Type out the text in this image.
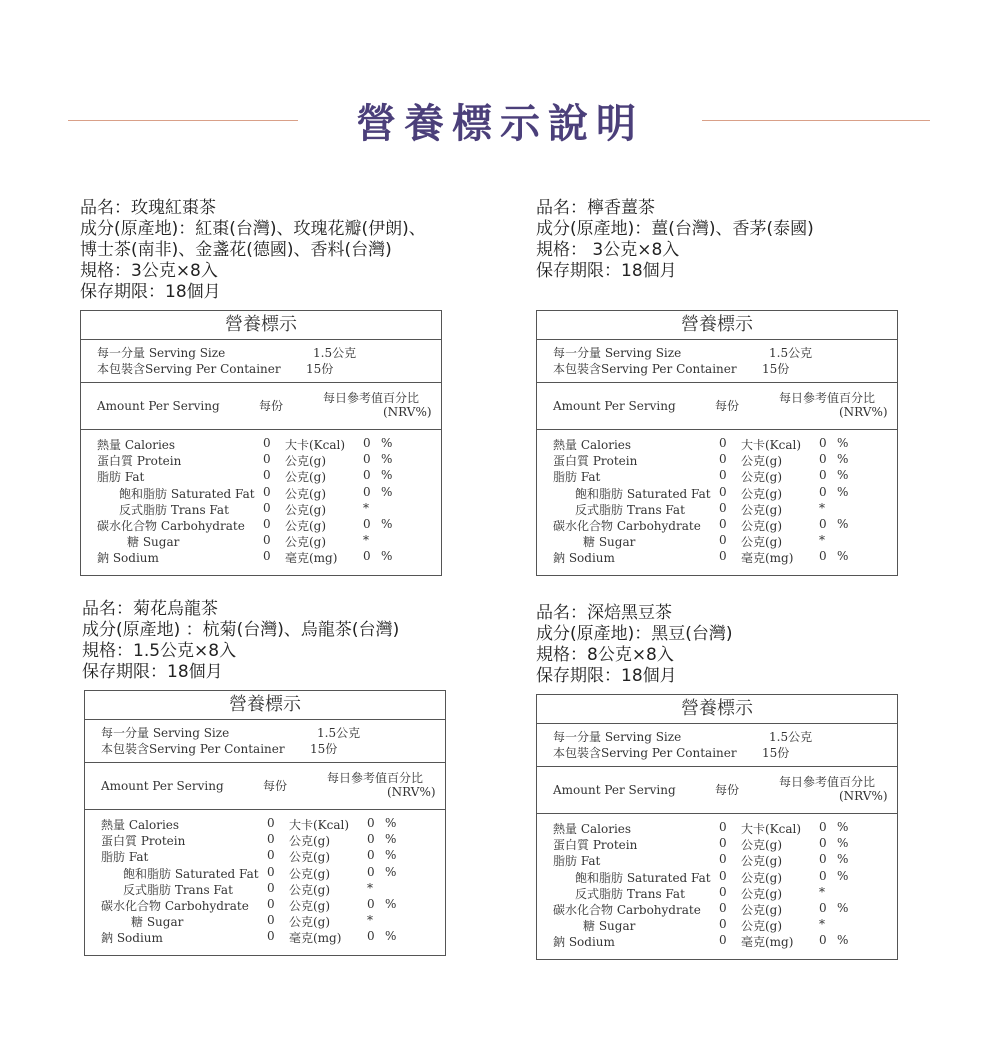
營養標示說明
品名：玫瑰紅棗茶
成分(原產地)：紅棗(台灣)、玫瑰花瓣(伊朗)、
博士茶(南非)、金盞花(德國)、香料(台灣)
規格：3公克×8入
保存期限：18個月
品名：檸香薑茶
成分(原產地)：薑(台灣)、香茅(泰國)
規格： 3公克×8入
保存期限：18個月
品名：菊花烏龍茶
成分(原產地) ：杭菊(台灣)、烏龍茶(台灣)
規格：1.5公克×8入
保存期限：18個月
品名：深焙黑豆茶
成分(原產地)：黑豆(台灣)
規格：8公克×8入
保存期限：18個月
營養標示
每一分量 Serving Size	1.5公克
本包裝含Serving Per Container 15份
Amount Per Serving	每份
每日參考值百分比
(NRV%)
熱量 Calories	0 大卡(Kcal) 0 %
蛋白質 Protein	0 公克(g)	0 %
脂肪 Fat	0 公克(g)	0 %
飽和脂肪 Saturated Fat 0 公克(g)	0 %
反式脂肪 Trans Fat	0 公克(g)	*
碳水化合物 Carbohydrate 0 公克(g)	0 %
糖 Sugar	0 公克(g)	*
鈉 Sodium	0 毫克(mg) 0 %
營養標示
每一分量 Serving Size	1.5公克
本包裝含Serving Per Container 15份
Amount Per Serving	每份
每日參考值百分比
(NRV%)
熱量 Calories	0 大卡(Kcal) 0 %
蛋白質 Protein	0 公克(g)	0 %
脂肪 Fat	0 公克(g)	0 %
飽和脂肪 Saturated Fat 0 公克(g)	0 %
反式脂肪 Trans Fat	0 公克(g)	*
碳水化合物 Carbohydrate 0 公克(g)	0 %
糖 Sugar	0 公克(g)	*
鈉 Sodium	0 毫克(mg) 0 %
營養標示
每一分量 Serving Size	1.5公克
本包裝含Serving Per Container 15份
Amount Per Serving	每份
每日參考值百分比
(NRV%)
熱量 Calories	0 大卡(Kcal) 0 %
蛋白質 Protein	0 公克(g)	0 %
脂肪 Fat	0 公克(g)	0 %
飽和脂肪 Saturated Fat 0 公克(g)	0 %
反式脂肪 Trans Fat	0 公克(g)	*
碳水化合物 Carbohydrate 0 公克(g)	0 %
糖 Sugar	0 公克(g)	*
鈉 Sodium	0 毫克(mg) 0 %
營養標示
每一分量 Serving Size	1.5公克
本包裝含Serving Per Container 15份
Amount Per Serving	每份
每日參考值百分比
(NRV%)
熱量 Calories	0 大卡(Kcal) 0 %
蛋白質 Protein	0 公克(g)	0 %
脂肪 Fat	0 公克(g)	0 %
飽和脂肪 Saturated Fat 0 公克(g)	0 %
反式脂肪 Trans Fat	0 公克(g)	*
碳水化合物 Carbohydrate 0 公克(g)	0 %
糖 Sugar	0 公克(g)	*
鈉 Sodium	0 毫克(mg) 0 %
